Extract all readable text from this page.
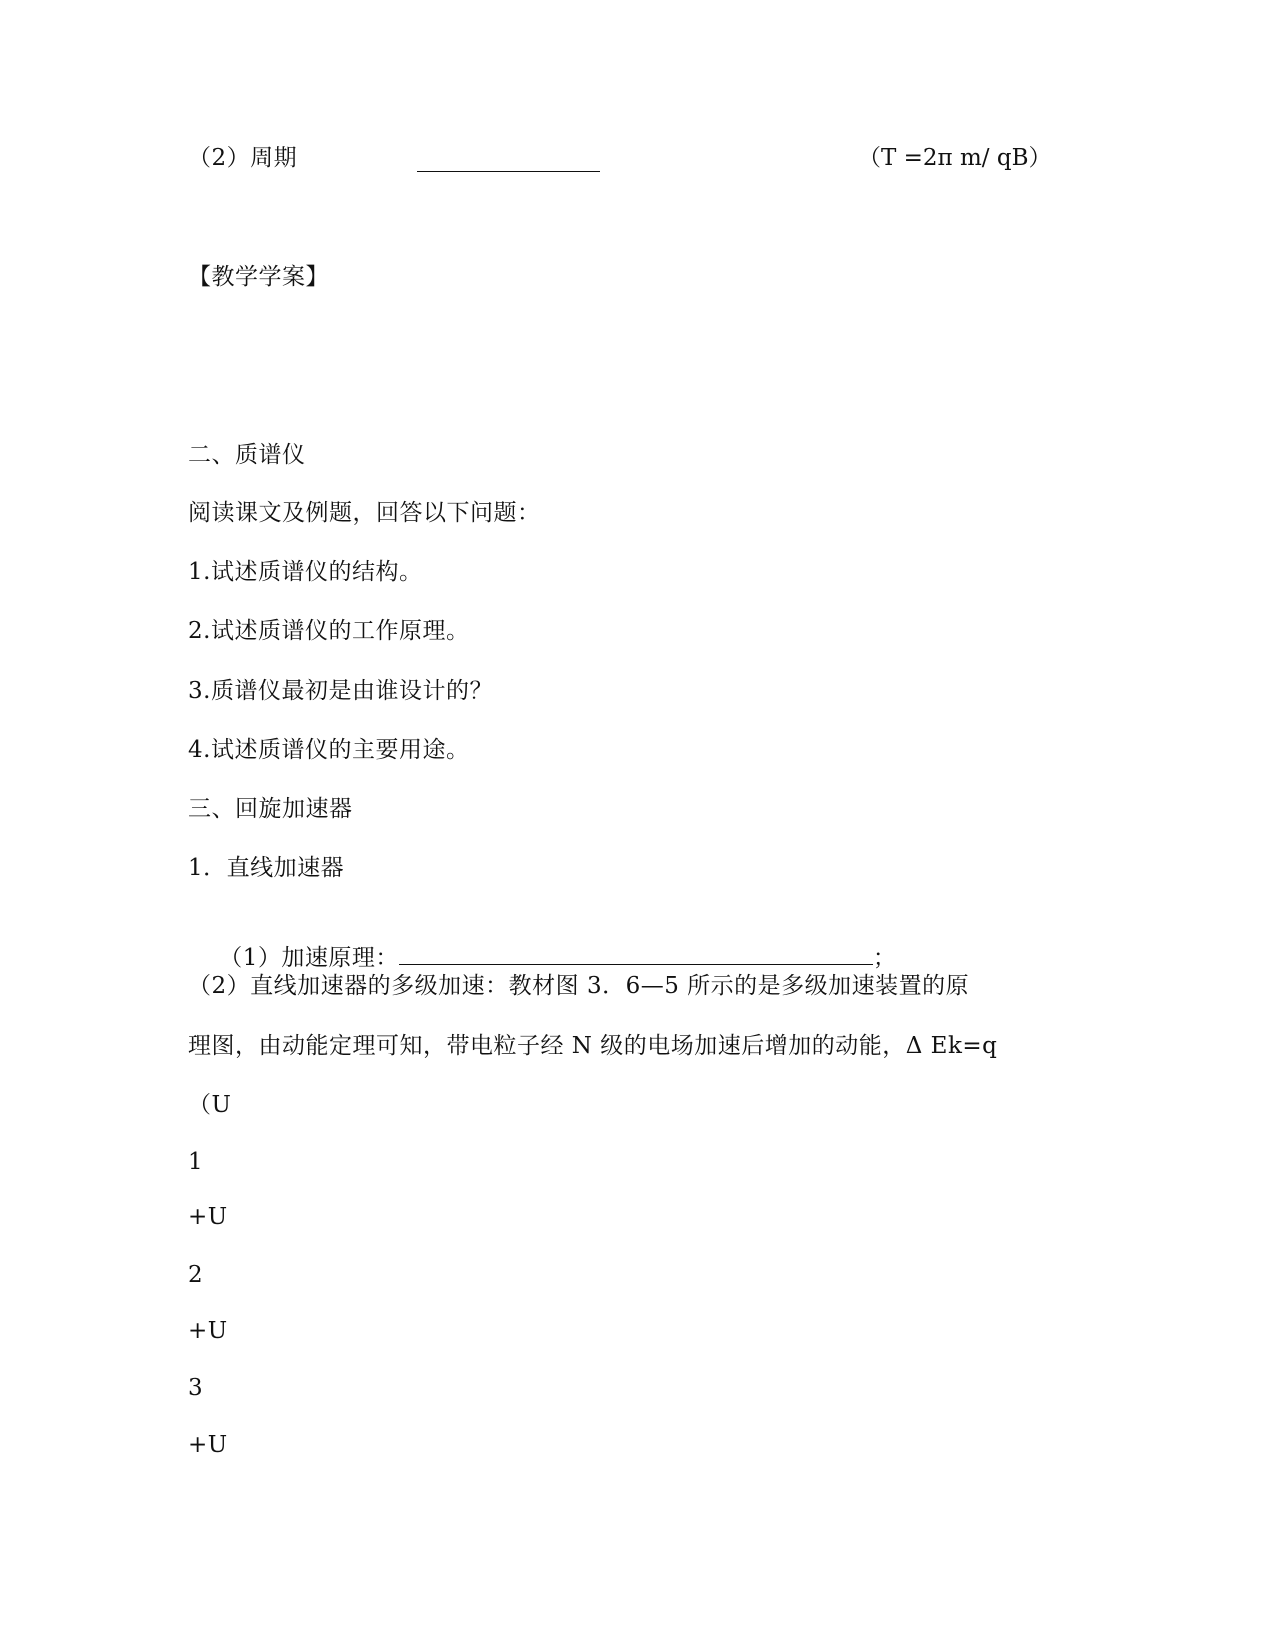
（2）周期	（T =2π m/ qB）
【教学学案】
二、质谱仪
阅读课文及例题，回答以下问题：
1.试述质谱仪的结构。
2.试述质谱仪的工作原理。
3.质谱仪最初是由谁设计的？
4.试述质谱仪的主要用途。
三、回旋加速器
1．直线加速器

（1）加速原理：	；

（2）直线加速器的多级加速：教材图 3．6—5 所示的是多级加速装置的原
理图，由动能定理可知，带电粒子经 N 级的电场加速后增加的动能，Δ Ek=q
（U
1
+U
2
+U
3
+U
